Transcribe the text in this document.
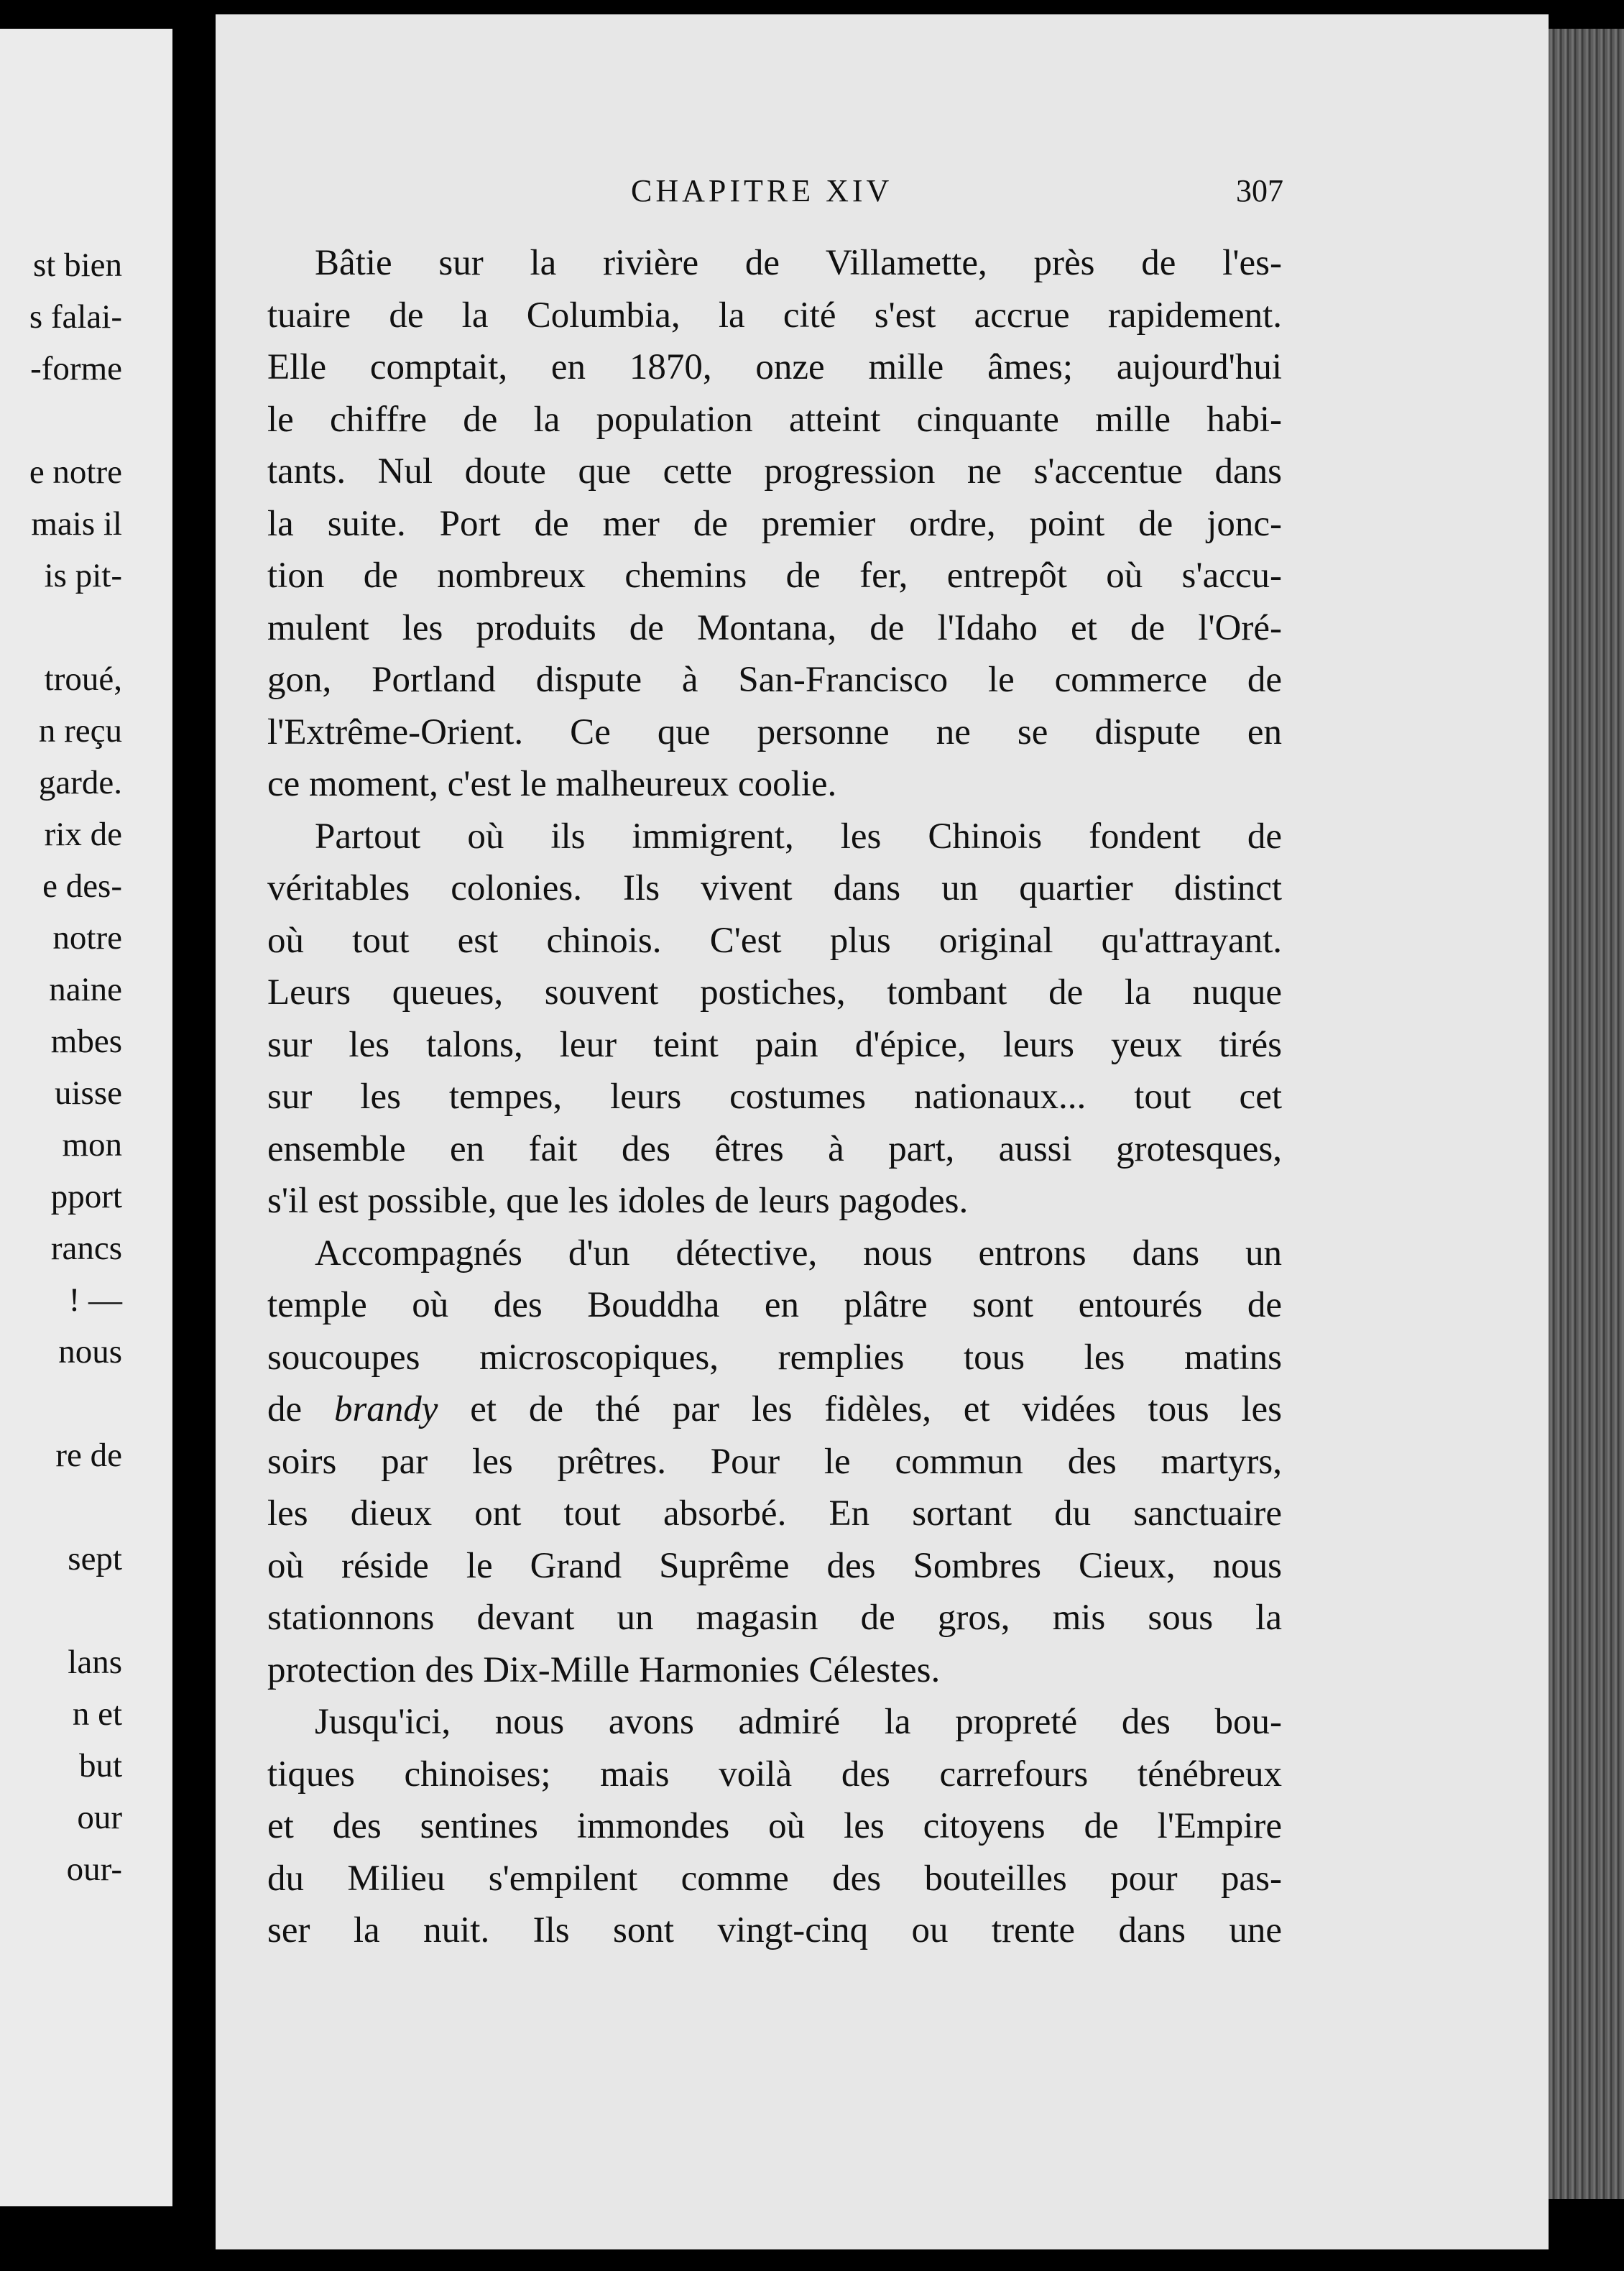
st bien
s falai-
-forme
e notre
mais il
is pit-
troué,
n reçu
garde.
rix de
e des-
notre
naine
mbes
uisse
mon
pport
rancs
! —
nous
re de
sept
lans
n et
but
our
our-
CHAPITRE XIV	307
Bâtie sur la rivière de Villamette, près de l'es-
tuaire de la Columbia, la cité s'est accrue rapidement.
Elle comptait, en 1870, onze mille âmes; aujourd'hui
le chiffre de la population atteint cinquante mille habi-
tants. Nul doute que cette progression ne s'accentue dans
la suite. Port de mer de premier ordre, point de jonc-
tion de nombreux chemins de fer, entrepôt où s'accu-
mulent les produits de Montana, de l'Idaho et de l'Oré-
gon, Portland dispute à San-Francisco le commerce de
l'Extrême-Orient. Ce que personne ne se dispute en
ce moment, c'est le malheureux coolie.
Partout où ils immigrent, les Chinois fondent de
véritables colonies. Ils vivent dans un quartier distinct
où tout est chinois. C'est plus original qu'attrayant.
Leurs queues, souvent postiches, tombant de la nuque
sur les talons, leur teint pain d'épice, leurs yeux tirés
sur les tempes, leurs costumes nationaux... tout cet
ensemble en fait des êtres à part, aussi grotesques,
s'il est possible, que les idoles de leurs pagodes.
Accompagnés d'un détective, nous entrons dans un
temple où des Bouddha en plâtre sont entourés de
soucoupes microscopiques, remplies tous les matins
de brandy et de thé par les fidèles, et vidées tous les
soirs par les prêtres. Pour le commun des martyrs,
les dieux ont tout absorbé. En sortant du sanctuaire
où réside le Grand Suprême des Sombres Cieux, nous
stationnons devant un magasin de gros, mis sous la
protection des Dix-Mille Harmonies Célestes.
Jusqu'ici, nous avons admiré la propreté des bou-
tiques chinoises; mais voilà des carrefours ténébreux
et des sentines immondes où les citoyens de l'Empire
du Milieu s'empilent comme des bouteilles pour pas-
ser la nuit. Ils sont vingt-cinq ou trente dans une
